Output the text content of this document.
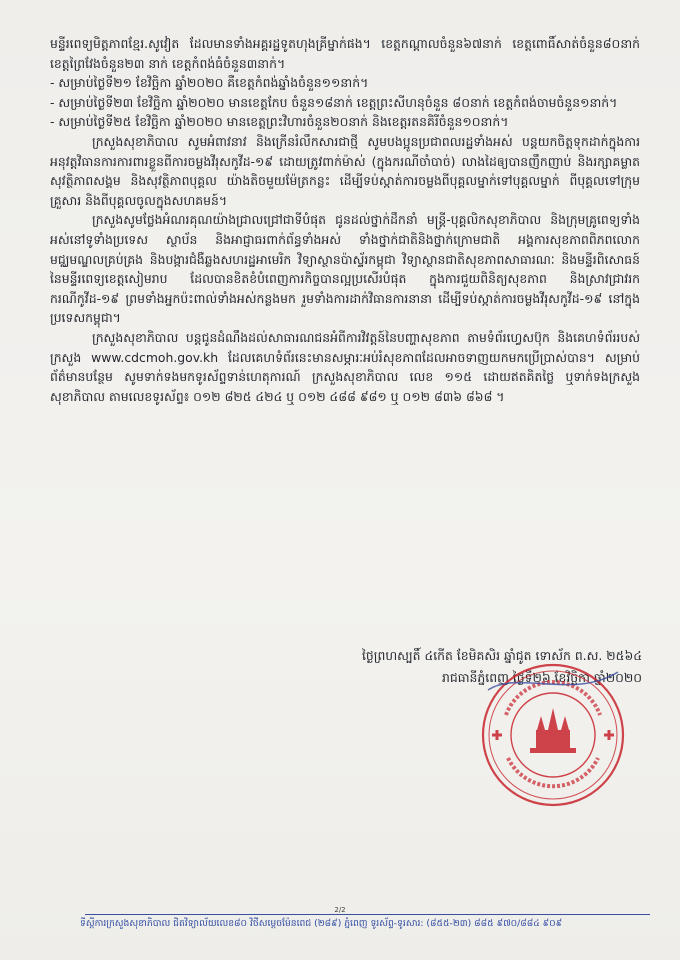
មន្ទីរពេទ្យមិត្តភាពខ្មែរ.សូវៀត ដែលមានទាំងអគ្គរដ្ឋទូតហុងគ្រីម្នាក់ផង។ ខេត្តកណ្តាលចំនួន៦៧នាក់ ខេត្តពោធិ៍សាត់ចំនួន៨០នាក់ ខេត្តព្រៃវែងចំនួន២៣ នាក់ ខេត្តកំពង់ធំចំនួន៣នាក់។

- សម្រាប់ថ្ងៃទី២១ ខែវិច្ឆិកា ឆ្នាំ២០២០ គឺខេត្តកំពង់ឆ្នាំងចំនួន១១នាក់។

- សម្រាប់ថ្ងៃទី២៣ ខែវិច្ឆិកា ឆ្នាំ២០២០ មានខេត្តកែប ចំនួន១៨នាក់ ខេត្តព្រះសីហនុចំនួន ៨០នាក់ ខេត្តកំពង់ចាមចំនួន១នាក់។

- សម្រាប់ថ្ងៃទី២៥ ខែវិច្ឆិកា ឆ្នាំ២០២០ មានខេត្តព្រះវិហារចំនួន២០នាក់ និងខេត្តរតនគិរីចំនួន១០នាក់។

ក្រសួងសុខាភិបាល សូមអំពាវនាវ និងក្រើនរំលឹកសារជាថ្មី សូមបងប្អូនប្រជាពលរដ្ឋទាំងអស់ បន្តយកចិត្តទុកដាក់ក្នុងការអនុវត្តវិធានការការពារខ្លួនពីការចម្លងវីរុសកូវីដ-១៩ ដោយត្រូវពាក់ម៉ាស់ (ក្នុងករណីចាំបាច់) លាងដៃឲ្យបានញឹកញាប់ និងរក្សាគម្លាតសុវត្ថិភាពសង្គម និងសុវត្ថិភាពបុគ្គល យ៉ាងតិចមួយម៉ែត្រកន្លះ ដើម្បីទប់ស្កាត់ការចម្លងពីបុគ្គលម្នាក់ទៅបុគ្គលម្នាក់ ពីបុគ្គលទៅក្រុមគ្រួសារ និងពីបុគ្គលចូលក្នុងសហគមន៍។

ក្រសួងសូមថ្លែងអំណរគុណយ៉ាងជ្រាលជ្រៅជាទីបំផុត ជូនដល់ថ្នាក់ដឹកនាំ មន្ត្រី-បុគ្គលិកសុខាភិបាល និងក្រុមគ្រូពេទ្យទាំងអស់នៅទូទាំងប្រទេស ស្ថាប័ន និងអាជ្ញាធរពាក់ព័ន្ធទាំងអស់ ទាំងថ្នាក់ជាតិនិងថ្នាក់ក្រោមជាតិ អង្គការសុខភាពពិភពលោក មជ្ឈមណ្ឌលគ្រប់គ្រង និងបង្ការជំងឺឆ្លងសហរដ្ឋអាមេរិក វិទ្យាស្ថានប៉ាស្ទ័រកម្ពុជា វិទ្យាស្ថានជាតិសុខភាពសាធារណៈ និងមន្ទីរពិសោធន៍នៃមន្ទីរពេទ្យខេត្តសៀមរាប ដែលបានខិតខំបំពេញការកិច្ចបានល្អប្រសើរបំផុត ក្នុងការជួយពិនិត្យសុខភាព និងស្រាវជ្រាវរកករណីកូវីដ-១៩ ព្រមទាំងអ្នកប៉ះពាល់ទាំងអស់កន្លងមក រួមទាំងការដាក់វិធានការនានា ដើម្បីទប់ស្កាត់ការចម្លងវីរុសកូវីដ-១៩ នៅក្នុងប្រទេសកម្ពុជា។

ក្រសួងសុខាភិបាល បន្តជូនដំណឹងដល់សាធារណជនអំពីការវិវត្តន៍នៃបញ្ហាសុខភាព តាមទំព័រហ្វេសប៊ុក និងគេហទំព័ររបស់ក្រសួង www.cdcmoh.gov.kh ដែលគេហទំព័រនេះមានសម្ភារៈអប់រំសុខភាពដែលអាចទាញយកមកប្រើប្រាស់បាន។ សម្រាប់ព័ត៌មានបន្ថែម សូមទាក់ទងមកទូរស័ព្ទទាន់ហេតុការណ៍ ក្រសួងសុខាភិបាល លេខ ១១៥ ដោយឥតគិតថ្លៃ ឬទាក់ទងក្រសួងសុខាភិបាល តាមលេខទូរស័ព្ទ៖ ០១២ ៨២៥ ៤២៤ ឬ ០១២ ៤៨៨ ៩៨១ ឬ ០១២ ៨៣៦ ៨៦៨ ។

ថ្ងៃព្រហស្បតិ៍ ៤កើត ខែមិគសិរ ឆ្នាំជូត ទោស័ក ព.ស. ២៥៦៤
រាជធានីភ្នំពេញ ថ្ងៃទី២៦ ខែវិច្ឆិកា ឆ្នាំ២០២០
2/2
ទីស្តីការក្រសួងសុខាភិបាល ជិតវិទ្យាល័យលេខ៨០ វិថីសម្តេចម៉ែនពេជ (២៨៩) ភ្នំពេញ ទូរស័ព្ទ-ទូរសារ: (៨៥៥-២៣) ៨៨៥ ៩៧០/៨៨៤ ៩០៩
